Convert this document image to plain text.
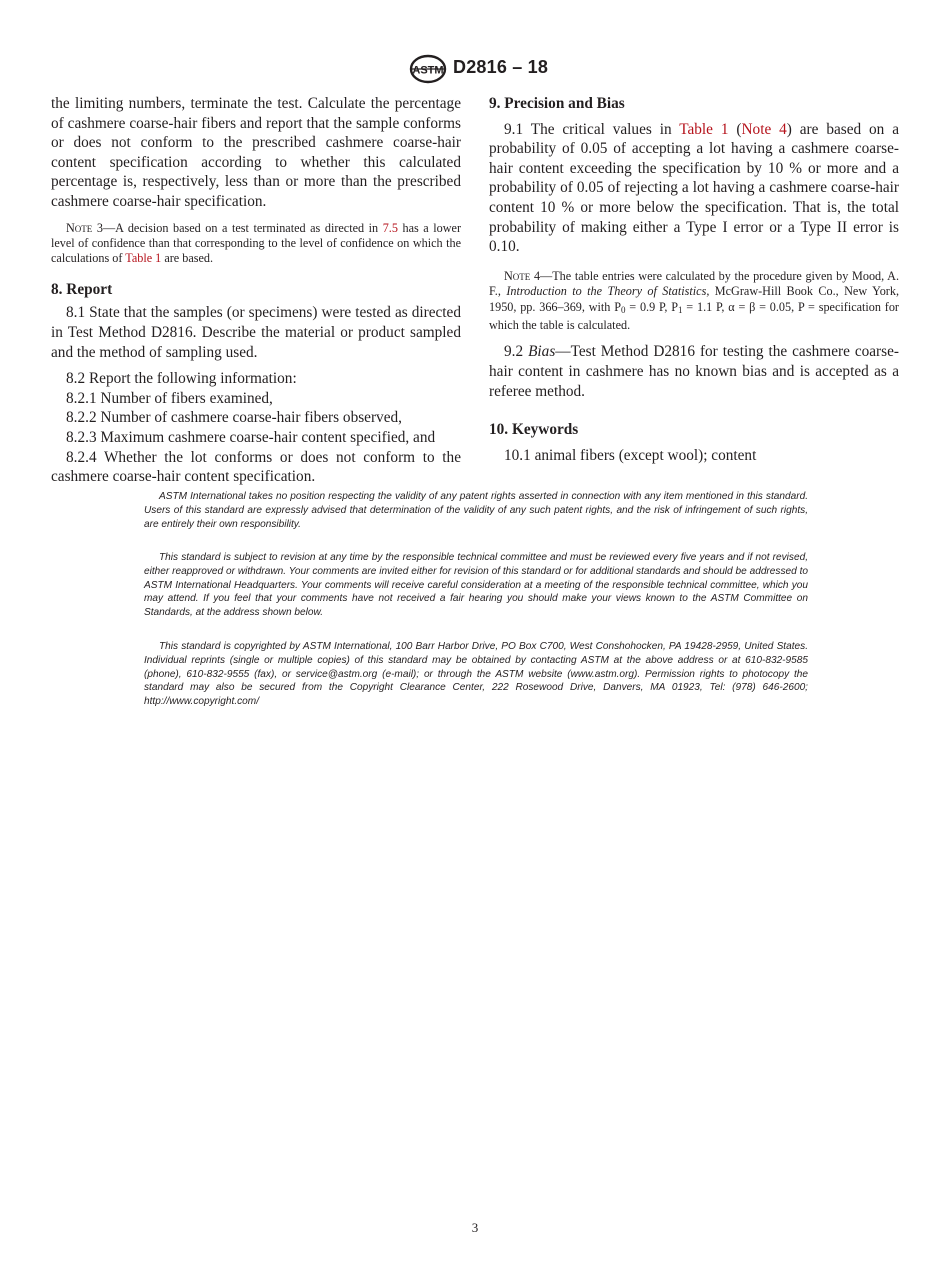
ASTM D2816 – 18

the limiting numbers, terminate the test. Calculate the percentage of cashmere coarse-hair fibers and report that the sample conforms or does not conform to the prescribed cashmere coarse-hair content specification according to whether this calculated percentage is, respectively, less than or more than the prescribed cashmere coarse-hair specification.

Note 3—A decision based on a test terminated as directed in 7.5 has a lower level of confidence than that corresponding to the level of confidence on which the calculations of Table 1 are based.

8. Report

8.1 State that the samples (or specimens) were tested as directed in Test Method D2816. Describe the material or product sampled and the method of sampling used.

8.2 Report the following information:

8.2.1 Number of fibers examined,

8.2.2 Number of cashmere coarse-hair fibers observed,

8.2.3 Maximum cashmere coarse-hair content specified, and

8.2.4 Whether the lot conforms or does not conform to the cashmere coarse-hair content specification.

9. Precision and Bias

9.1 The critical values in Table 1 (Note 4) are based on a probability of 0.05 of accepting a lot having a cashmere coarse-hair content exceeding the specification by 10 % or more and a probability of 0.05 of rejecting a lot having a cashmere coarse-hair content 10 % or more below the specification. That is, the total probability of making either a Type I error or a Type II error is 0.10.

Note 4—The table entries were calculated by the procedure given by Mood, A. F., Introduction to the Theory of Statistics, McGraw-Hill Book Co., New York, 1950, pp. 366–369, with $P_0 = 0.9$ P, $P_1 = 1.1$ P, α = β = 0.05, P = specification for which the table is calculated.

9.2 Bias—Test Method D2816 for testing the cashmere coarse-hair content in cashmere has no known bias and is accepted as a referee method.

10. Keywords

10.1 animal fibers (except wool); content

ASTM International takes no position respecting the validity of any patent rights asserted in connection with any item mentioned in this standard. Users of this standard are expressly advised that determination of the validity of any such patent rights, and the risk of infringement of such rights, are entirely their own responsibility.

This standard is subject to revision at any time by the responsible technical committee and must be reviewed every five years and if not revised, either reapproved or withdrawn. Your comments are invited either for revision of this standard or for additional standards and should be addressed to ASTM International Headquarters. Your comments will receive careful consideration at a meeting of the responsible technical committee, which you may attend. If you feel that your comments have not received a fair hearing you should make your views known to the ASTM Committee on Standards, at the address shown below.

This standard is copyrighted by ASTM International, 100 Barr Harbor Drive, PO Box C700, West Conshohocken, PA 19428-2959, United States. Individual reprints (single or multiple copies) of this standard may be obtained by contacting ASTM at the above address or at 610-832-9585 (phone), 610-832-9555 (fax), or service@astm.org (e-mail); or through the ASTM website (www.astm.org). Permission rights to photocopy the standard may also be secured from the Copyright Clearance Center, 222 Rosewood Drive, Danvers, MA 01923, Tel: (978) 646-2600; http://www.copyright.com/

3
